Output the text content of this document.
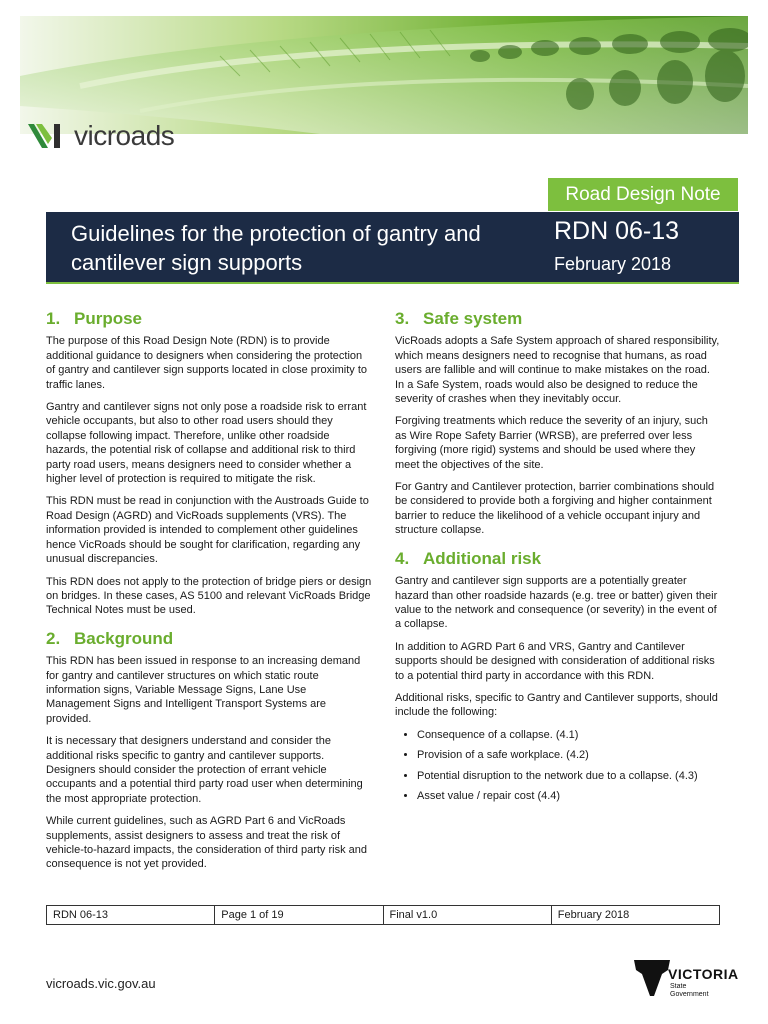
vicroads
Road Design Note
Guidelines for the protection of gantry and cantilever sign supports
RDN 06-13
February 2018
1. Purpose

The purpose of this Road Design Note (RDN) is to provide additional guidance to designers when considering the protection of gantry and cantilever sign supports located in close proximity to traffic lanes.

Gantry and cantilever signs not only pose a roadside risk to errant vehicle occupants, but also to other road users should they collapse following impact. Therefore, unlike other roadside hazards, the potential risk of collapse and additional risk to third party road users, means designers need to consider whether a higher level of protection is required to mitigate the risk.

This RDN must be read in conjunction with the Austroads Guide to Road Design (AGRD) and VicRoads supplements (VRS). The information provided is intended to complement other guidelines hence VicRoads should be sought for clarification, regarding any unusual discrepancies.

This RDN does not apply to the protection of bridge piers or design on bridges. In these cases, AS 5100 and relevant VicRoads Bridge Technical Notes must be used.

2. Background

This RDN has been issued in response to an increasing demand for gantry and cantilever structures on which static route information signs, Variable Message Signs, Lane Use Management Signs and Intelligent Transport Systems are provided.

It is necessary that designers understand and consider the additional risks specific to gantry and cantilever supports. Designers should consider the protection of errant vehicle occupants and a potential third party road user when determining the most appropriate protection.

While current guidelines, such as AGRD Part 6 and VicRoads supplements, assist designers to assess and treat the risk of vehicle-to-hazard impacts, the consideration of third party risk and consequence is not yet provided.

3. Safe system

VicRoads adopts a Safe System approach of shared responsibility, which means designers need to recognise that humans, as road users are fallible and will continue to make mistakes on the road. In a Safe System, roads would also be designed to reduce the severity of crashes when they inevitably occur.

Forgiving treatments which reduce the severity of an injury, such as Wire Rope Safety Barrier (WRSB), are preferred over less forgiving (more rigid) systems and should be used where they meet the objectives of the site.

For Gantry and Cantilever protection, barrier combinations should be considered to provide both a forgiving and higher containment barrier to reduce the likelihood of a vehicle occupant injury and structure collapse.

4. Additional risk

Gantry and cantilever sign supports are a potentially greater hazard than other roadside hazards (e.g. tree or batter) given their value to the network and consequence (or severity) in the event of a collapse.

In addition to AGRD Part 6 and VRS, Gantry and Cantilever supports should be designed with consideration of additional risks to a potential third party in accordance with this RDN.

Additional risks, specific to Gantry and Cantilever supports, should include the following:

• Consequence of a collapse. (4.1)
• Provision of a safe workplace. (4.2)
• Potential disruption to the network due to a collapse. (4.3)
• Asset value / repair cost (4.4)
RDN 06-13	Page 1 of 19	Final v1.0	February 2018
vicroads.vic.gov.au
VICTORIA
State
Government
